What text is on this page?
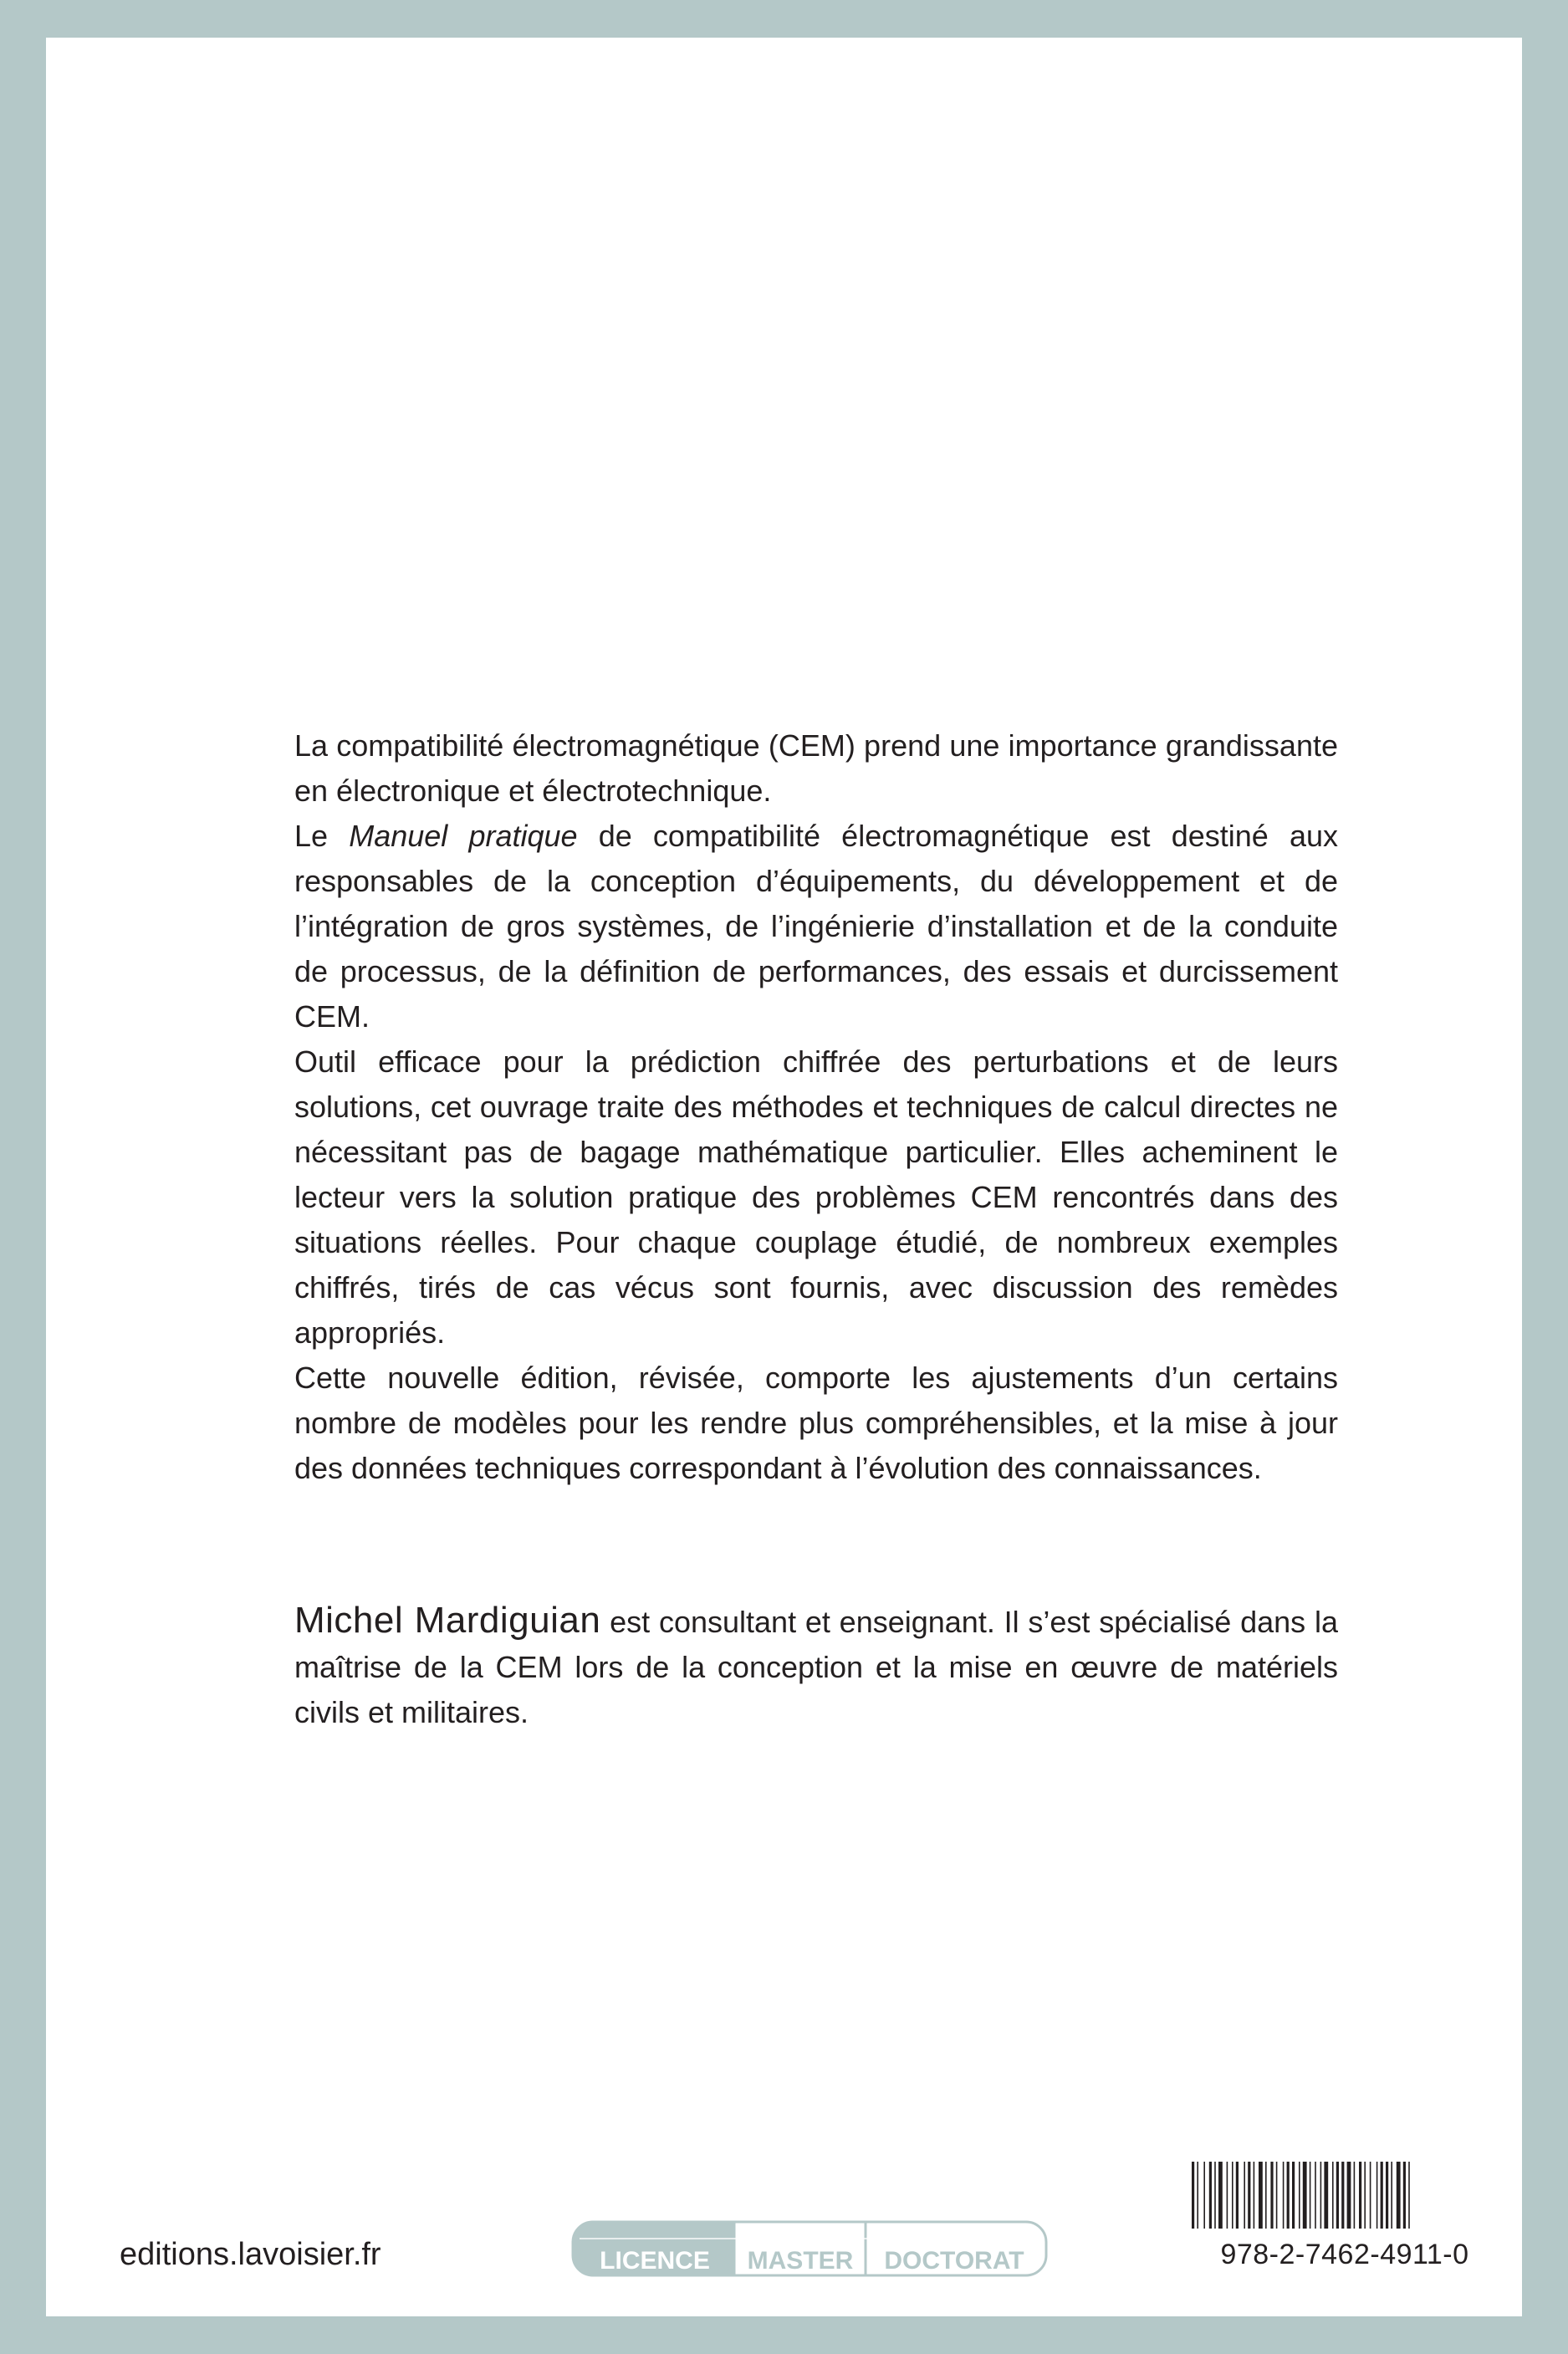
La compatibilité électromagnétique (CEM) prend une importance grandissante en électronique et électrotechnique.

Le Manuel pratique de compatibilité électromagnétique est destiné aux responsables de la conception d’équipements, du développement et de l’intégration de gros systèmes, de l’ingénierie d’installation et de la conduite de processus, de la définition de performances, des essais et durcissement CEM.

Outil efficace pour la prédiction chiffrée des perturbations et de leurs solutions, cet ouvrage traite des méthodes et techniques de calcul directes ne nécessitant pas de bagage mathématique particulier. Elles acheminent le lecteur vers la solution pratique des problèmes CEM rencontrés dans des situations réelles. Pour chaque couplage étudié, de nombreux exemples chiffrés, tirés de cas vécus sont fournis, avec discussion des remèdes appropriés.

Cette nouvelle édition, révisée, comporte les ajustements d’un certains nombre de modèles pour les rendre plus compréhensibles, et la mise à jour des données techniques correspondant à l’évolution des connaissances.

Michel Mardiguian est consultant et enseignant. Il s’est spécialisé dans la maîtrise de la CEM lors de la conception et la mise en œuvre de matériels civils et militaires.

editions.lavoisier.fr	LICENCE MASTER DOCTORAT	978-2-7462-4911-0
